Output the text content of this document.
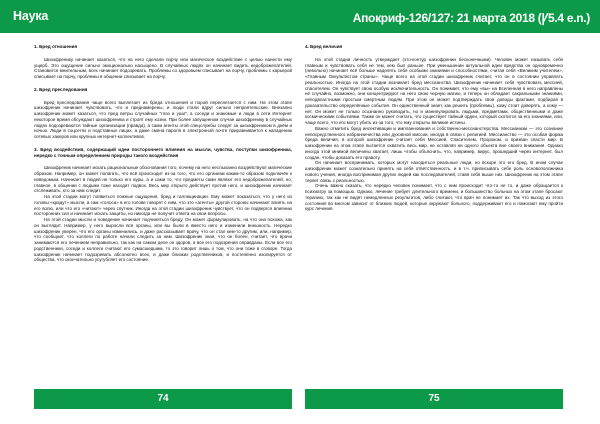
Наука	Апокриф-126/127: 21 марта 2018 (Ꝩ5.4 e.n.)

1. Бред отношения

Шизофренику начинает казаться, что на него сделали порчу или магическое воздействие с целью нанести ему ущерб. Это ощущение сильно эмоционально насыщено. В случайных людях он начинает видеть недоброжелателей. Становится мнительным, всех начинает подозревать. Проблемы со здоровьем списывает на порчу, проблемы с карьерой списывает на порчу, проблемы в общении списывает на порчу.

2. Бред преследования

Бред преследования чаще всего выплетает из бреда отношения и порой переплетается с ним. На этом этапе шизофреник начинает чувствовать, что и преднамерены, и люди стали вдруг сильно неприятельские. Внезапно шизофреник может казаться, что пред ветры случайных "глаз и уши", а соседи и знакомые и люди в сети Интернет некоторое время обсуждают шизофреника и строят ему козни. При более запущенном случае шизофренику в случайных людях подозреваются тайные организации (правда), а сами агенты этой спецслужбы следят за шизофреником в днём и ночью. Люди в соцсетях и подставных лицах, а даже смена пароля в электронной почте приравнивается к нападению сетевых хакеров или крупных интернет-коллективов.

3. Бред воздействия, содержащий идеи постороннего влияния на мысли, чувства, поступки шизофреника, нередко с точным определением природы такого воздействия

Шизофреник начинает искать рациональные обоснования того, почему на него неслыханно воздействуют магические образом. Например, он может полагать, что всё происходит из-за того, что его организм каким-то образом подключён к неведомым. Начинает в людей не только его ауры, а и сами то, что предметы сами являют его недоброжелателей, но, главное, в общении с людьми тоже находит подвох. Весь мир открыто действует против него, и шизофреник начинает отслеживать, кто за ним следит.

На этой стадии могут появиться ложные ощущения, бред и галлюцинации. Ему может показаться, что у него из головы «крадут» мысли, а сам «голоса» в его голове говорят с ним, что это «агенты» другой стороны начинают влиять на его волю, или что его «читают» через спутник. Иногда на этой стадии шизофреник чувствует, что он подвергся влиянию посторонних сил и начинает искать защиты, но никогда не получит ответа на свои вопросы.

На этой стадии мысли и поведение начинает подчиняться бреду. Он может формулировать, на что она похожа, как он выглядит. Например, у него выросли вся органы, или вы были в вместо него и изменили внешность. Нередко шизофреник уверен, что его органы изменились, и даже рассказывает врачу, что он стал кем-то другим, или, например, что сообщает, что коллеги по работе начали следить за ним. Шизофреник зная, что он болен, считает, что врачи занимаются его лечением неправильно, так как на самом деле он здоров, а все его подозрения оправданы. Если все его родственники, соседи и коллеги считают его сумасшедшим, то это говорит лишь о том, что они тоже в сговоре. Тогда шизофреник начинает подозревать абсолютно всех, и даже близких родственников, и постепенно изолируется от общества, что окончательно усугубляет его состояние.

4. Бред величия

На этой стадии личность утверждает (это-контур шизофрении бесконечными). Человек может называть себя главным и чувствовать себя не тем, кем был раньше. При уменьшении актуальной идеи вредства он одновременно (невольно) начинает всё больше наделять себя особыми знаниями и способностями, считая себя «Великим учителем», «Главным Оккультистом страны». Чаще всего на этой стадии шизофреник считает, что он в состоянии управлять реальностью. Иногда на этой стадии возникает бред мессианства. Шизофреник начинает себя чувствовать мессией, спасителем. Он чувствует свою особую исключительность. Он понимает, что ему «вы» на Вселенная в него направлены не случайно, возможно, они концентрируют на него свою черную магию, и теперь он обладает сакральными знаниями, неподвластными простым смертным людям. При этом он может подтверждать свои доводы фактами, подбирая в доказательство определённые события. Он единственный знает, как решить (проблемы), кому стоит доверять, а кому — нет. Он может не только осознанно руководить, но и манипулировать людьми, предметами, общественными и даже космическими событиями. Также он может считать, что существует тайный орден, который охотится за его знаниями, или, чаще всего, что его могут убить из-за того, что ему открыты великие истины.

Важно отметить бред инсективации и импланнования и собственно-мессианстерства. Мессианизм — это сознание непосредственного избранничества или духовной миссии, иногда в связи с религией. Мессианство — это особая форма бреда величия, в которой шизофреник считает себя Мессией, Спасителем, Пророком, и призван спасти мир. В шизофрении на этом этапе пытается охватить весь мир, не оставляя ни одного объекта вне своего внимания. Однако иногда этой мнимой величины хватает, лишь чтобы объяснить, что, например, вирус, прошедший через интернет, был создан, чтобы доказать его правоту.

Он начинает воспринимать, которых могут находиться реальные люди, но вскоре это его бред. В ином случае шизофреник может сознательно принять на себя ответственность, и в т.ч. приписывать себе роль основоположника нового учения, иногда воспринимая других людей как последователей, ставя себя выше них. Шизофреник на этом этапе теряет связь с реальностью.

Очень важно сказать, что нередко человек понимает, что с ним происходит что-то не то, и даже обращается к психиатру за помощью. Однако, лечение требует длительного времени, и большинство больных на этом этапе бросают терапию, так как не видят немедленных результатов, либо считают, что врач не понимает их. Так что выход из этого состояния во многом зависит от близких людей, которые окружают больного, поддерживают его и помогают ему пройти курс лечения.

74	75
